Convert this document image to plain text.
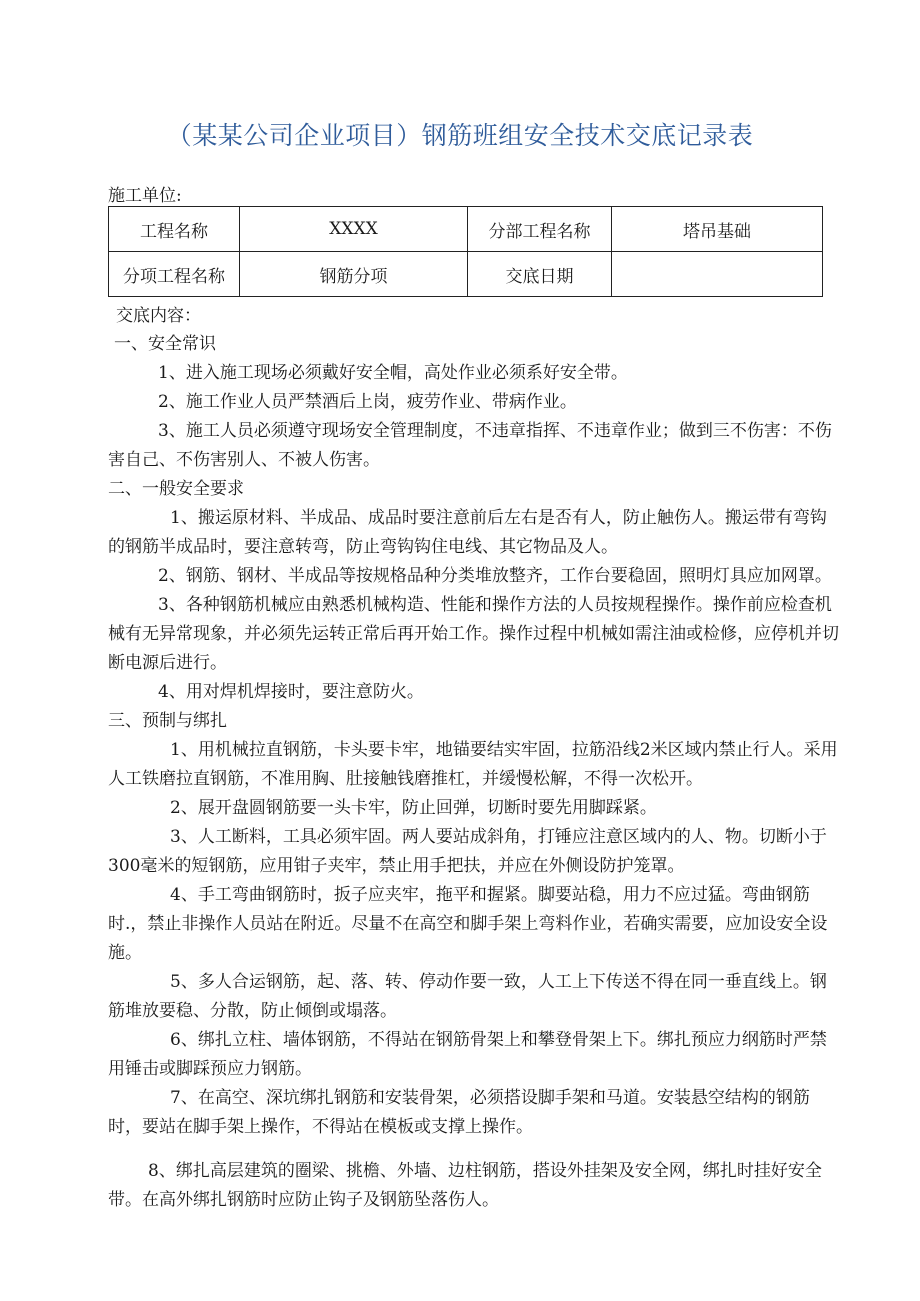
（某某公司企业项目）钢筋班组安全技术交底记录表
施工单位:
工程名称	XXXX	分部工程名称	塔吊基础
分项工程名称	钢筋分项	交底日期	
交底内容：

一、安全常识

1、进入施工现场必须戴好安全帽，高处作业必须系好安全带。

2、施工作业人员严禁酒后上岗，疲劳作业、带病作业。

3、施工人员必须遵守现场安全管理制度，不违章指挥、不违章作业；做到三不伤害：不伤害自己、不伤害别人、不被人伤害。

二、一般安全要求

1、搬运原材料、半成品、成品时要注意前后左右是否有人，防止触伤人。搬运带有弯钩的钢筋半成品时，要注意转弯，防止弯钩钩住电线、其它物品及人。

2、钢筋、钢材、半成品等按规格品种分类堆放整齐，工作台要稳固，照明灯具应加网罩。

3、各种钢筋机械应由熟悉机械构造、性能和操作方法的人员按规程操作。操作前应检查机械有无异常现象，并必须先运转正常后再开始工作。操作过程中机械如需注油或检修，应停机并切断电源后进行。

4、用对焊机焊接时，要注意防火。

三、预制与绑扎

1、用机械拉直钢筋，卡头要卡牢，地锚要结实牢固，拉筋沿线2米区域内禁止行人。采用人工铁磨拉直钢筋，不准用胸、肚接触钱磨推杠，并缓慢松解，不得一次松开。

2、展开盘圆钢筋要一头卡牢，防止回弹，切断时要先用脚踩紧。

3、人工断料，工具必须牢固。两人要站成斜角，打锤应注意区域内的人、物。切断小于300毫米的短钢筋，应用钳子夹牢，禁止用手把扶，并应在外侧设防护笼罩。

4、手工弯曲钢筋时，扳子应夹牢，拖平和握紧。脚要站稳，用力不应过猛。弯曲钢筋时.，禁止非操作人员站在附近。尽量不在高空和脚手架上弯料作业，若确实需要，应加设安全设施。

5、多人合运钢筋，起、落、转、停动作要一致，人工上下传送不得在同一垂直线上。钢筋堆放要稳、分散，防止倾倒或塌落。

6、绑扎立柱、墙体钢筋，不得站在钢筋骨架上和攀登骨架上下。绑扎预应力纲筋时严禁用锤击或脚踩预应力钢筋。

7、在高空、深坑绑扎钢筋和安装骨架，必须搭设脚手架和马道。安装悬空结构的钢筋时，要站在脚手架上操作，不得站在模板或支撑上操作。

8、绑扎高层建筑的圈梁、挑檐、外墙、边柱钢筋，搭设外挂架及安全网，绑扎时挂好安全带。在高外绑扎钢筋时应防止钩子及钢筋坠落伤人。
